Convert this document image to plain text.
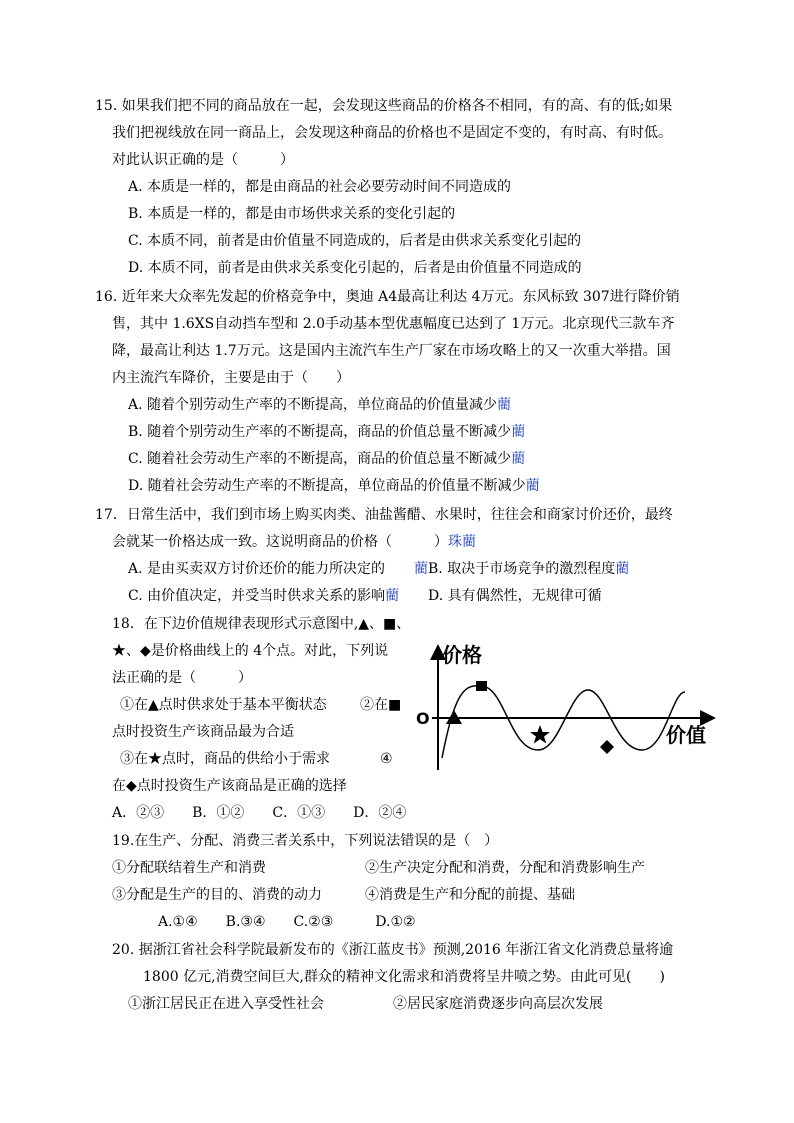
15. 如果我们把不同的商品放在一起，会发现这些商品的价格各不相同，有的高、有的低;如果
我们把视线放在同一商品上，会发现这种商品的价格也不是固定不变的，有时高、有时低。
对此认识正确的是（　　　）
A. 本质是一样的，都是由商品的社会必要劳动时间不同造成的
B. 本质是一样的，都是由市场供求关系的变化引起的
C. 本质不同，前者是由价值量不同造成的，后者是由供求关系变化引起的
D. 本质不同，前者是由供求关系变化引起的，后者是由价值量不同造成的
16. 近年来大众率先发起的价格竞争中，奥迪 A4最高让利达 4万元。东风标致 307进行降价销
售，其中 1.6XS自动挡车型和 2.0手动基本型优惠幅度已达到了 1万元。北京现代三款车齐
降，最高让利达 1.7万元。这是国内主流汽车生产厂家在市场攻略上的又一次重大举措。国
内主流汽车降价，主要是由于（　　）
A. 随着个别劳动生产率的不断提高，单位商品的价值量减少藺
B. 随着个别劳动生产率的不断提高，商品的价值总量不断减少藺
C. 随着社会劳动生产率的不断提高，商品的价值总量不断减少藺
D. 随着社会劳动生产率的不断提高，单位商品的价值量不断减少藺
17．日常生活中，我们到市场上购买肉类、油盐酱醋、水果时，往往会和商家讨价还价，最终
会就某一价格达成一致。这说明商品的价格（　　　）珠藺
A. 是由买卖双方讨价还价的能力所决定的 藺B. 取决于市场竞争的激烈程度藺
C. 由价值决定，并受当时供求关系的影响藺 D. 具有偶然性，无规律可循
18．在下边价值规律表现形式示意图中,▲、■、
★、◆是价格曲线上的 4个点。对此，下列说
法正确的是（　　　）
①在▲点时供求处于基本平衡状态 ②在■
点时投资生产该商品最为合适
③在★点时，商品的供给小于需求	④
在◆点时投资生产该商品是正确的选择
A．②③　　B．①②　　C．①③　　D．②④
价格
价值
O
19.在生产、分配、消费三者关系中，下列说法错误的是（　）
①分配联结着生产和消费	②生产决定分配和消费，分配和消费影响生产
③分配是生产的目的、消费的动力	④消费是生产和分配的前提、基础
A.①④　　B.③④　　C.②③　　　D.①②
20. 据浙江省社会科学院最新发布的《浙江蓝皮书》预测,2016 年浙江省文化消费总量将逾
1800 亿元,消费空间巨大,群众的精神文化需求和消费将呈井喷之势。由此可见(　　)
①浙江居民正在进入享受性社会	②居民家庭消费逐步向高层次发展
